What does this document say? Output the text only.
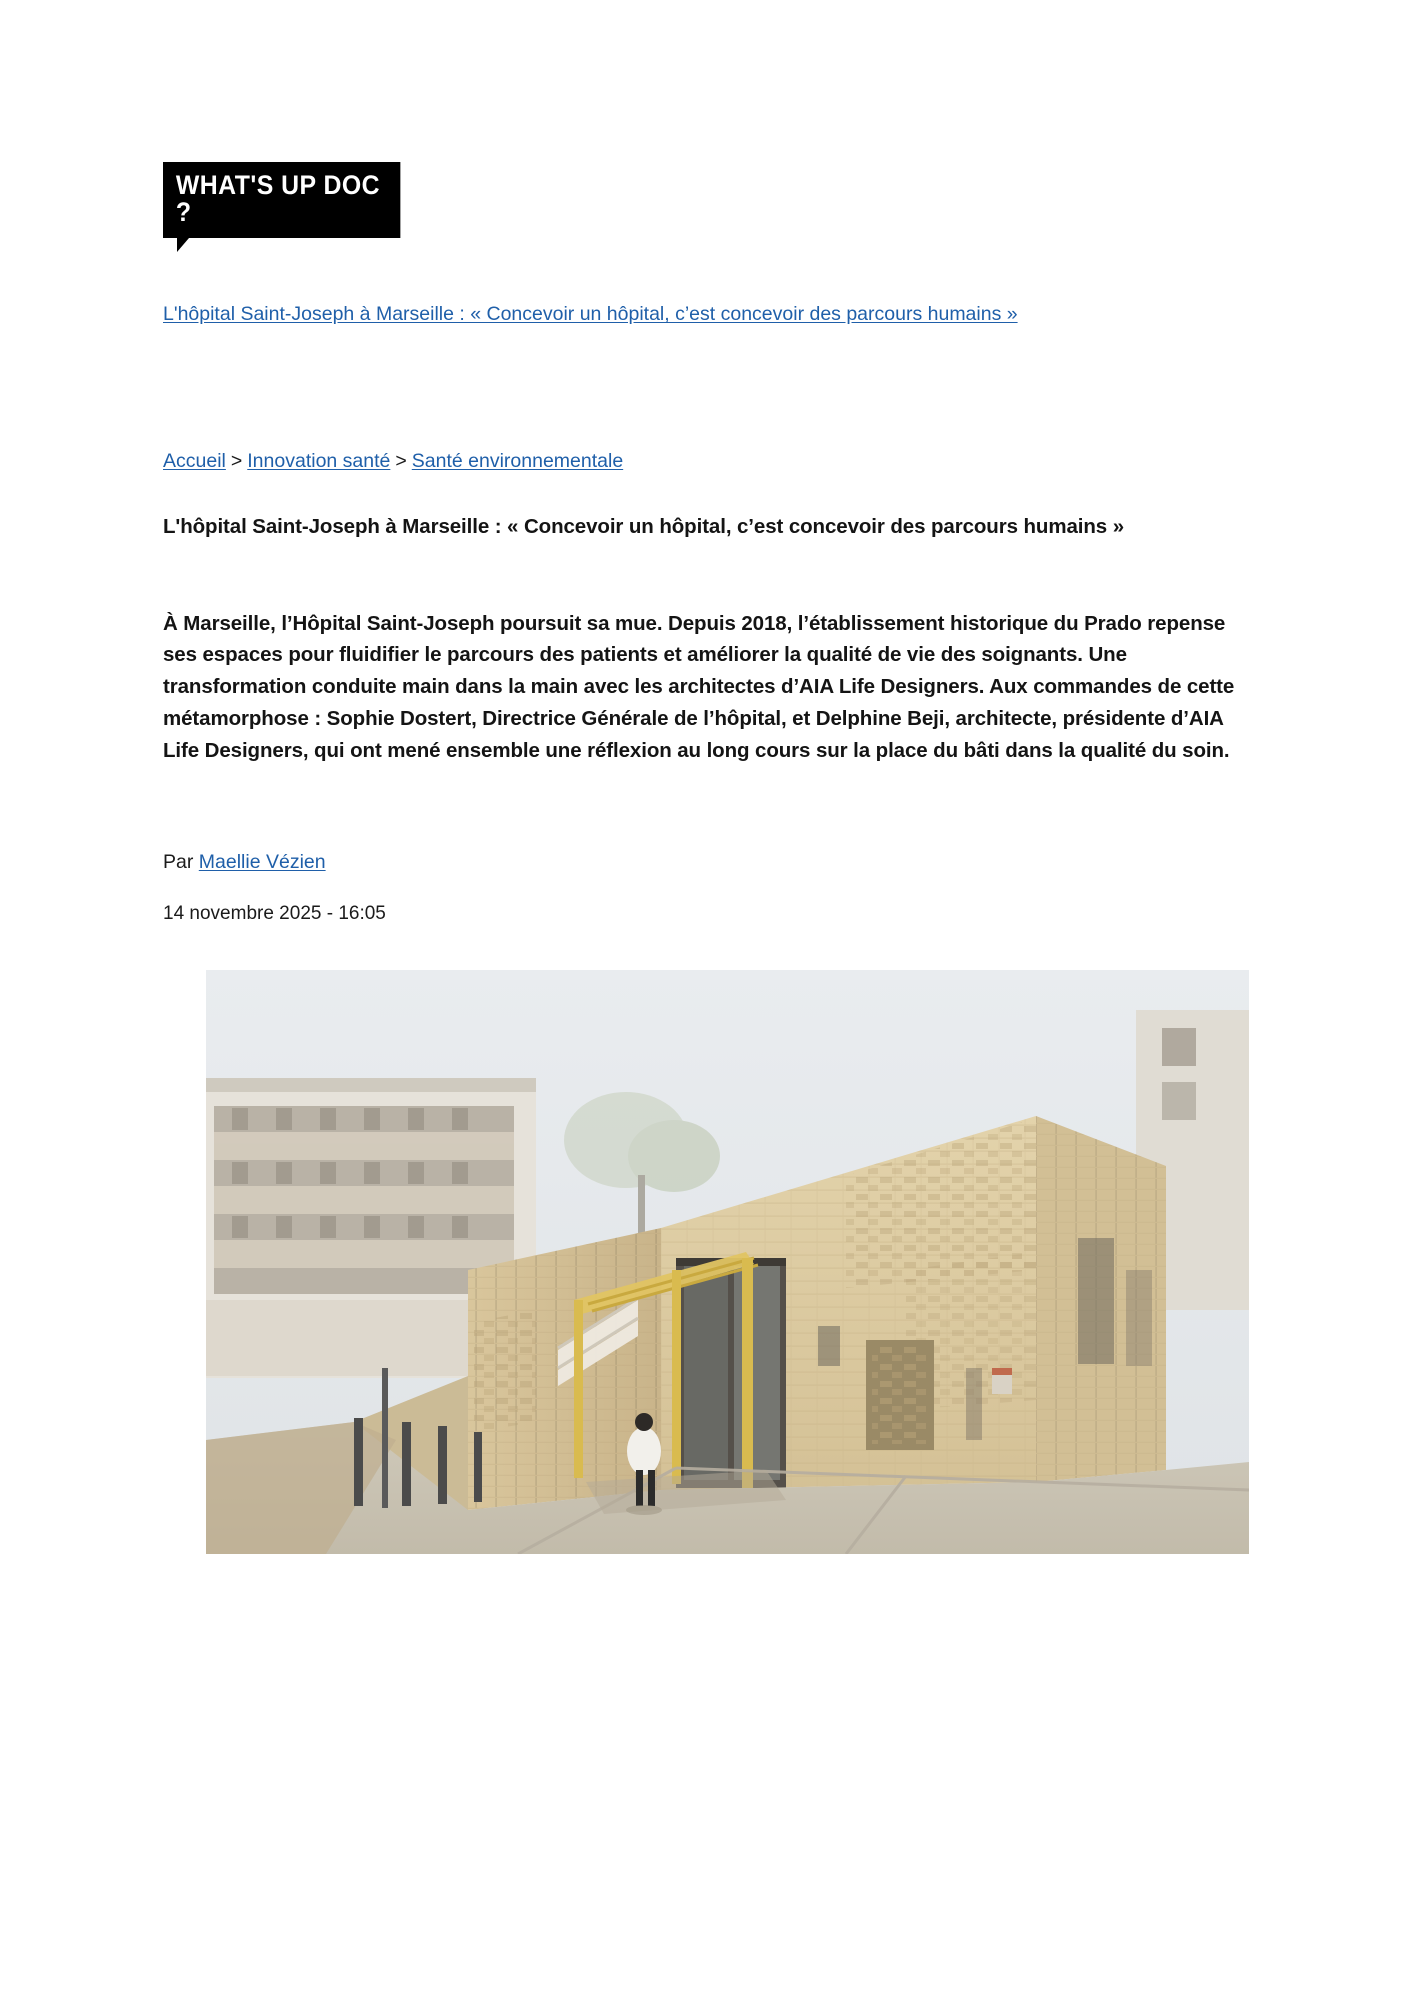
WHAT'S UP DOC ?
L'hôpital Saint-Joseph à Marseille : « Concevoir un hôpital, c’est concevoir des parcours humains »
Accueil > Innovation santé > Santé environnementale
L'hôpital Saint-Joseph à Marseille : « Concevoir un hôpital, c’est concevoir des parcours humains »

À Marseille, l’Hôpital Saint-Joseph poursuit sa mue. Depuis 2018, l’établissement historique du Prado repense ses espaces pour fluidifier le parcours des patients et améliorer la qualité de vie des soignants. Une transformation conduite main dans la main avec les architectes d’AIA Life Designers. Aux commandes de cette métamorphose : Sophie Dostert, Directrice Générale de l’hôpital, et Delphine Beji, architecte, présidente d’AIA Life Designers, qui ont mené ensemble une réflexion au long cours sur la place du bâti dans la qualité du soin.

Par Maellie Vézien
14 novembre 2025 - 16:05
